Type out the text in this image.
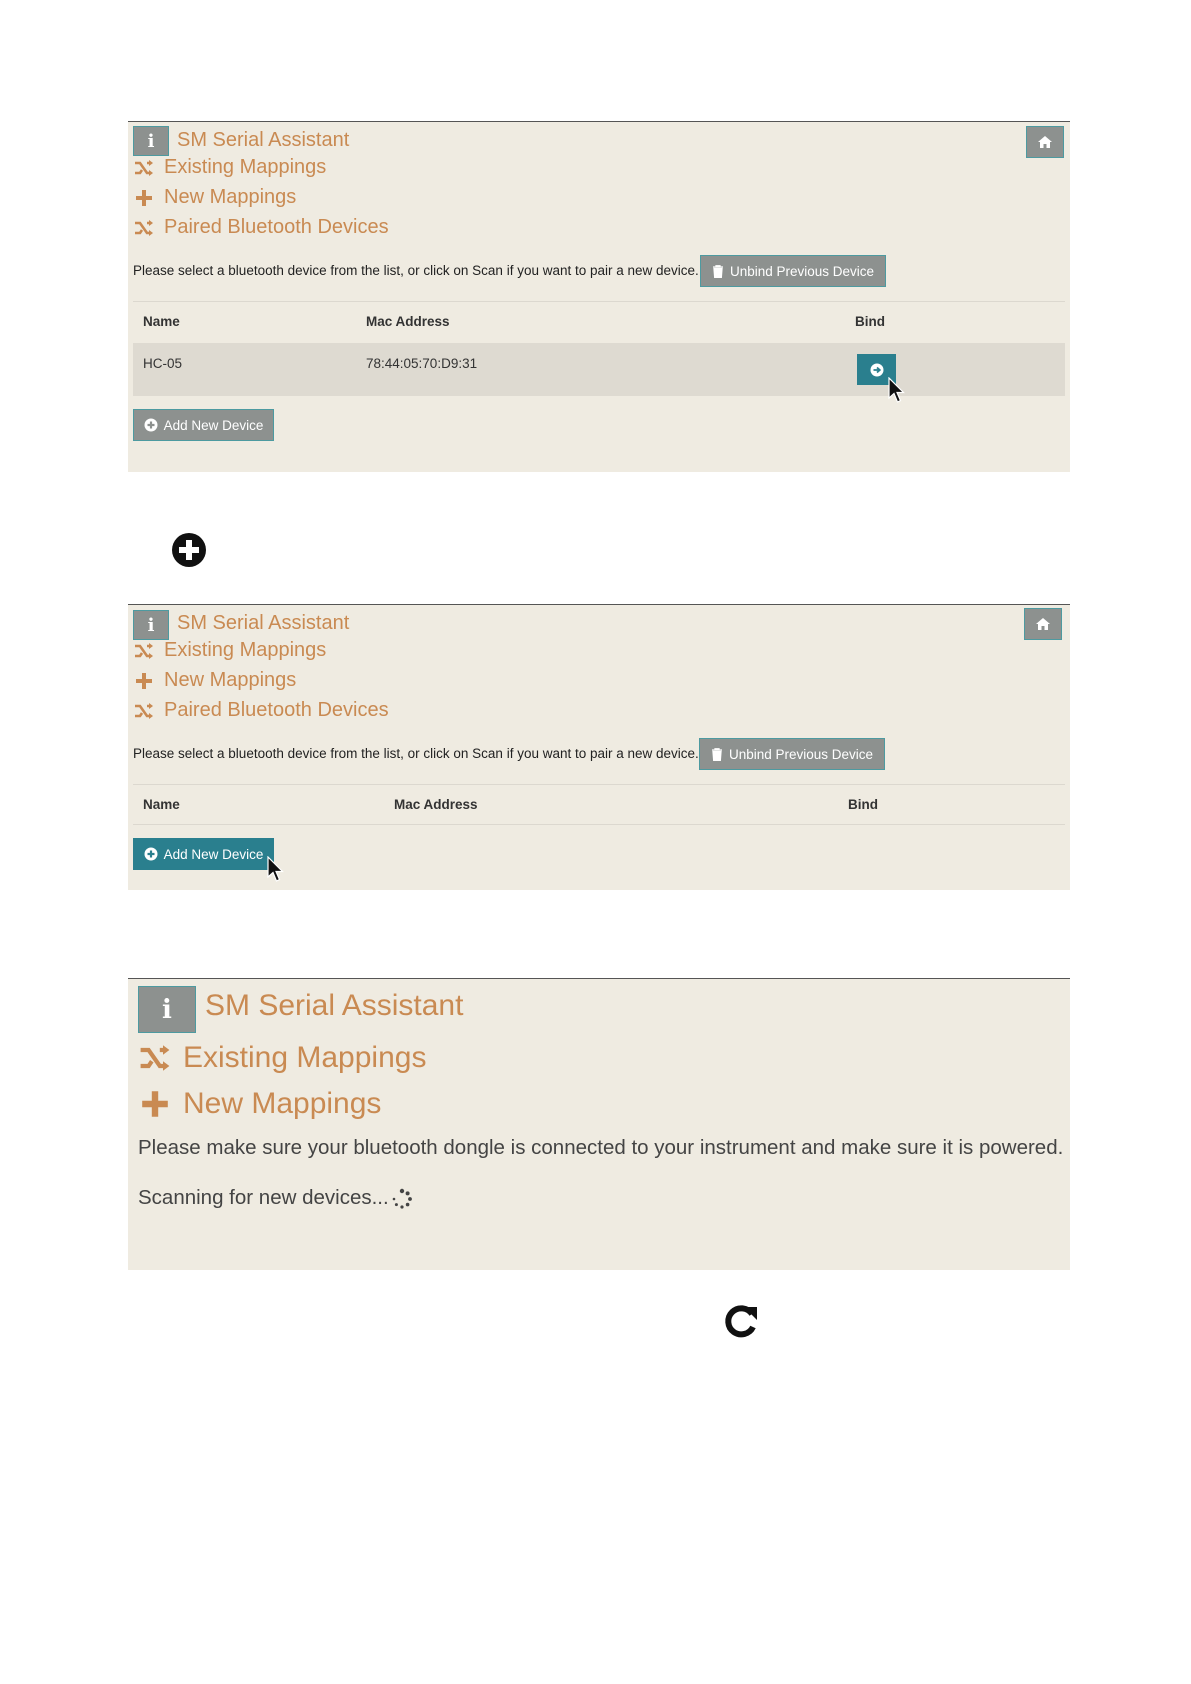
i SM Serial Assistant
Existing Mappings
New Mappings
Paired Bluetooth Devices
Please select a bluetooth device from the list, or click on Scan if you want to pair a new device. Unbind Previous Device
Name	Mac Address	Bind
HC-05	78:44:05:70:D9:31
Add New Device
i SM Serial Assistant
Existing Mappings
New Mappings
Paired Bluetooth Devices
Please select a bluetooth device from the list, or click on Scan if you want to pair a new device. Unbind Previous Device
Name	Mac Address	Bind
Add New Device
i SM Serial Assistant
Existing Mappings
New Mappings
Please make sure your bluetooth dongle is connected to your instrument and make sure it is powered.
Scanning for new devices...
